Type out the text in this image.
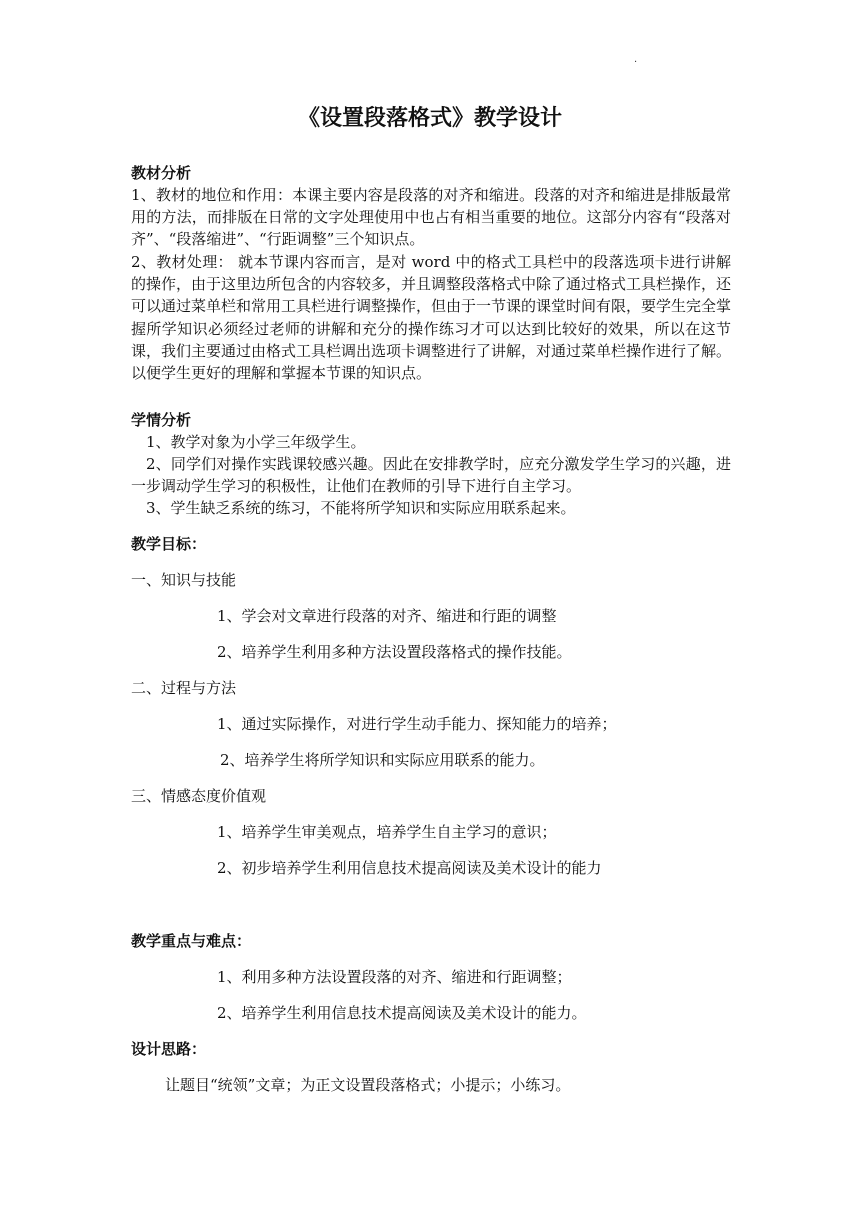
·
《设置段落格式》教学设计
教材分析
1、教材的地位和作用：本课主要内容是段落的对齐和缩进。段落的对齐和缩进是排版最常用的方法，而排版在日常的文字处理使用中也占有相当重要的地位。这部分内容有“段落对齐”、“段落缩进”、“行距调整”三个知识点。
2、教材处理： 就本节课内容而言，是对 word 中的格式工具栏中的段落选项卡进行讲解的操作，由于这里边所包含的内容较多，并且调整段落格式中除了通过格式工具栏操作，还可以通过菜单栏和常用工具栏进行调整操作，但由于一节课的课堂时间有限，要学生完全掌握所学知识必须经过老师的讲解和充分的操作练习才可以达到比较好的效果，所以在这节课，我们主要通过由格式工具栏调出选项卡调整进行了讲解，对通过菜单栏操作进行了解。以便学生更好的理解和掌握本节课的知识点。
学情分析
1、教学对象为小学三年级学生。
2、同学们对操作实践课较感兴趣。因此在安排教学时，应充分激发学生学习的兴趣，进一步调动学生学习的积极性，让他们在教师的引导下进行自主学习。
3、学生缺乏系统的练习，不能将所学知识和实际应用联系起来。
教学目标：
一、知识与技能
1、学会对文章进行段落的对齐、缩进和行距的调整
2、培养学生利用多种方法设置段落格式的操作技能。
二、过程与方法
1、通过实际操作，对进行学生动手能力、探知能力的培养；
2、培养学生将所学知识和实际应用联系的能力。
三、情感态度价值观
1、培养学生审美观点，培养学生自主学习的意识；
2、初步培养学生利用信息技术提高阅读及美术设计的能力
教学重点与难点：
1、利用多种方法设置段落的对齐、缩进和行距调整；
2、培养学生利用信息技术提高阅读及美术设计的能力。
设计思路：
让题目“统领”文章；为正文设置段落格式；小提示；小练习。
